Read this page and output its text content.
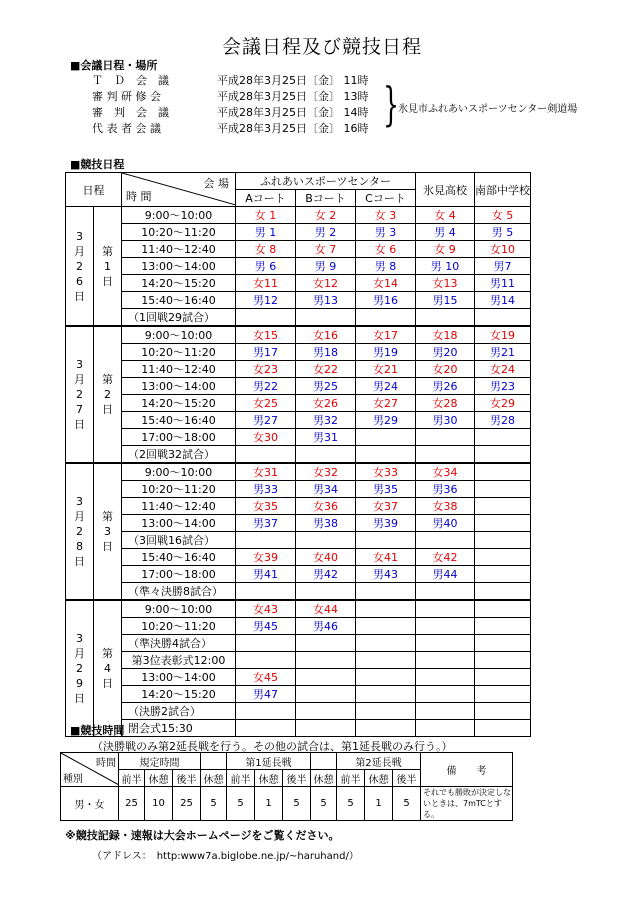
会議日程及び競技日程
■会議日程・場所
Ｔ　Ｄ　会　議	平成28年3月25日〔金〕 11時
審 判 研 修 会	平成28年3月25日〔金〕 13時
審　判　会　議	平成28年3月25日〔金〕 14時
代 表 者 会 議	平成28年3月25日〔金〕 16時 }
氷見市ふれあいスポーツセンター剣道場
■競技日程
日程		会 場
時 間	ふれあいスポーツセンター			氷見高校	南部中学校
			Aコート	Bコート	Cコート		
3
月
2
6
日	第
1
日	9:00～10:00	女 1	女 2	女 3	女 4	女 5
		10:20～11:20	男 1	男 2	男 3	男 4	男 5
		11:40～12:40	女 8	女 7	女 6	女 9	女10
		13:00～14:00	男 6	男 9	男 8	男 10	男7
		14:20～15:20	女11	女12	女14	女13	男11
		15:40～16:40	男12	男13	男16	男15	男14
		（1回戦29試合）					
3
月
2
7
日	第
2
日	9:00～10:00	女15	女16	女17	女18	女19
		10:20～11:20	男17	男18	男19	男20	男21
		11:40～12:40	女23	女22	女21	女20	女24
		13:00～14:00	男22	男25	男24	男26	男23
		14:20～15:20	女25	女26	女27	女28	女29
		15:40～16:40	男27	男32	男29	男30	男28
		17:00～18:00	女30	男31			
		（2回戦32試合）					
3
月
2
8
日	第
3
日	9:00～10:00	女31	女32	女33	女34	
		10:20～11:20	男33	男34	男35	男36	
		11:40～12:40	女35	女36	女37	女38	
		13:00～14:00	男37	男38	男39	男40	
		（3回戦16試合）					
		15:40～16:40	女39	女40	女41	女42	
		17:00～18:00	男41	男42	男43	男44	
		（準々決勝8試合）					
3
月
2
9
日	第
4
日	9:00～10:00	女43	女44			
		10:20～11:20	男45	男46			
		（準決勝4試合）					
		第3位表彰式12:00					
		13:00～14:00	女45				
		14:20～15:20	男47				
		（決勝2試合）					
		閉会式15:30					
■競技時間
（決勝戦のみ第2延長戦を行う。その他の試合は、第1延長戦のみ行う。）
時間
種別	規定時間				第1延長戦				第2延長戦			備　　考
	前半	休憩	後半	休憩	前半	休憩	後半	休憩	前半	休憩	後半	
男・女	25	10	25	5	5	1	5	5	5	1	5	それでも勝敗が決定しないときは、7mTCとする。
※競技記録・速報は大会ホームページをご覧ください。
（アドレス：　http:www7a.biglobe.ne.jp/~haruhand/）
